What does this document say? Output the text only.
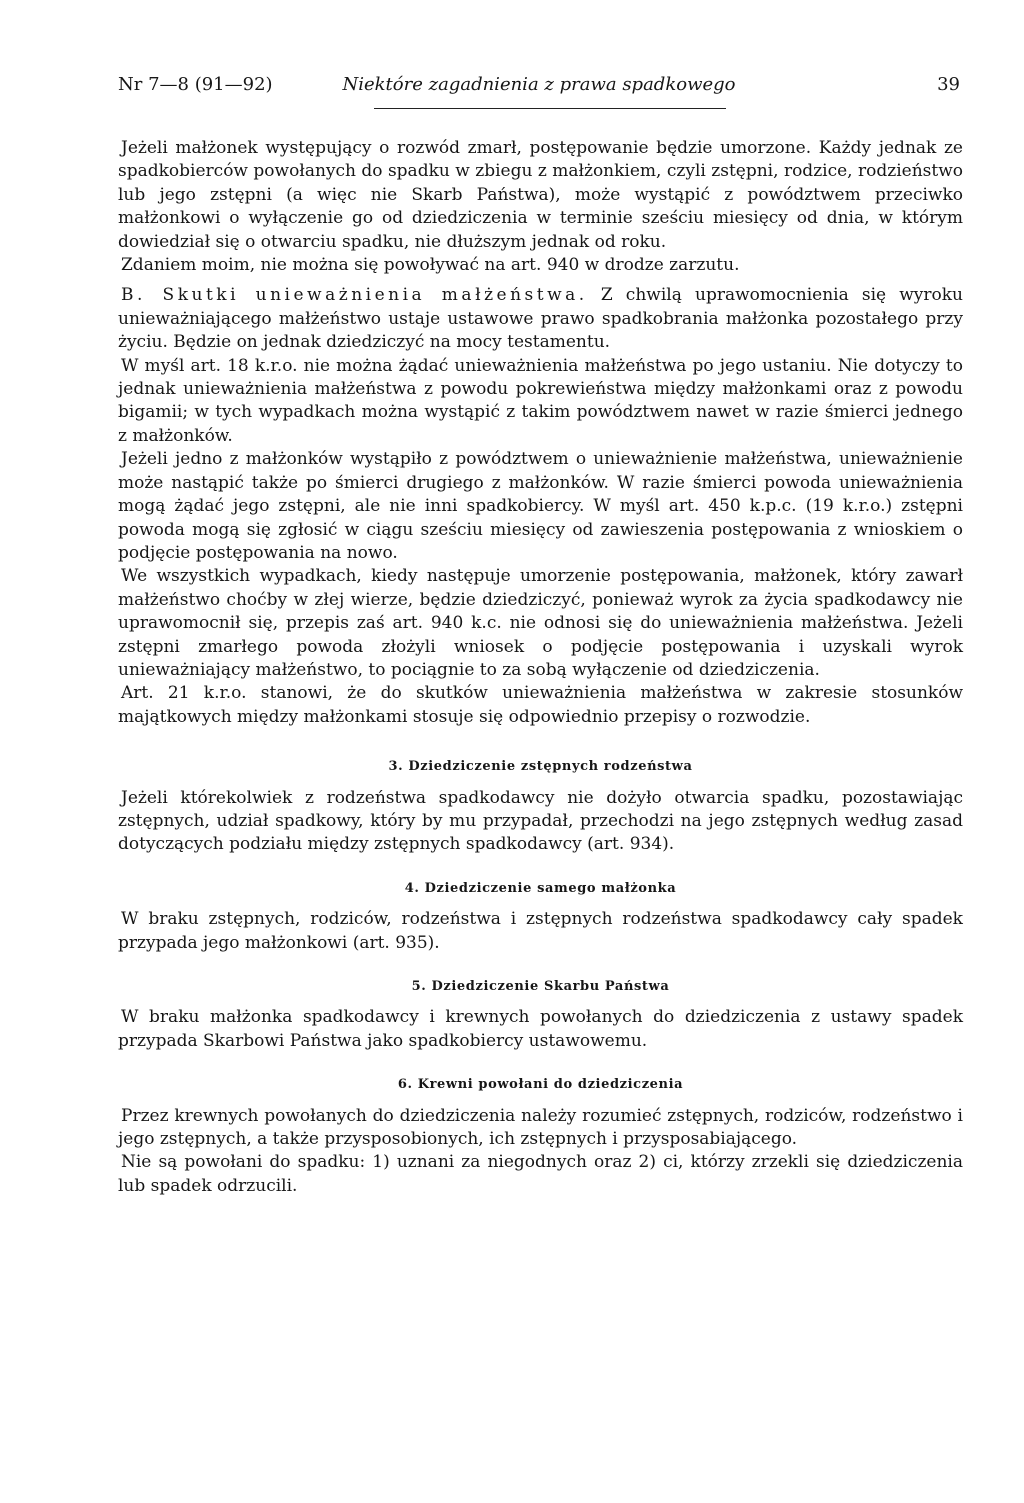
Nr 7—8 (91—92)	Niektóre zagadnienia z prawa spadkowego	39

Jeżeli małżonek występujący o rozwód zmarł, postępowanie będzie umorzone. Każdy jednak ze spadkobierców powołanych do spadku w zbiegu z małżonkiem, czyli zstępni, rodzice, rodzieństwo lub jego zstępni (a więc nie Skarb Państwa), może wystąpić z powództwem przeciwko małżonkowi o wyłączenie go od dziedziczenia w terminie sześciu miesięcy od dnia, w którym dowiedział się o otwarciu spadku, nie dłuższym jednak od roku.

Zdaniem moim, nie można się powoływać na art. 940 w drodze zarzutu.

B. Skutki unieważnienia małżeństwa. Z chwilą uprawomocnienia się wyroku unieważniającego małżeństwo ustaje ustawowe prawo spadkobrania małżonka pozostałego przy życiu. Będzie on jednak dziedziczyć na mocy testamentu.

W myśl art. 18 k.r.o. nie można żądać unieważnienia małżeństwa po jego ustaniu. Nie dotyczy to jednak unieważnienia małżeństwa z powodu pokrewieństwa między małżonkami oraz z powodu bigamii; w tych wypadkach można wystąpić z takim powództwem nawet w razie śmierci jednego z małżonków.

Jeżeli jedno z małżonków wystąpiło z powództwem o unieważnienie małżeństwa, unieważnienie może nastąpić także po śmierci drugiego z małżonków. W razie śmierci powoda unieważnienia mogą żądać jego zstępni, ale nie inni spadkobiercy. W myśl art. 450 k.p.c. (19 k.r.o.) zstępni powoda mogą się zgłosić w ciągu sześciu miesięcy od zawieszenia postępowania z wnioskiem o podjęcie postępowania na nowo.

We wszystkich wypadkach, kiedy następuje umorzenie postępowania, małżonek, który zawarł małżeństwo choćby w złej wierze, będzie dziedziczyć, ponieważ wyrok za życia spadkodawcy nie uprawomocnił się, przepis zaś art. 940 k.c. nie odnosi się do unieważnienia małżeństwa. Jeżeli zstępni zmarłego powoda złożyli wniosek o podjęcie postępowania i uzyskali wyrok unieważniający małżeństwo, to pociągnie to za sobą wyłączenie od dziedziczenia.

Art. 21 k.r.o. stanowi, że do skutków unieważnienia małżeństwa w zakresie stosunków majątkowych między małżonkami stosuje się odpowiednio przepisy o rozwodzie.

3. Dziedziczenie zstępnych rodzeństwa

Jeżeli którekolwiek z rodzeństwa spadkodawcy nie dożyło otwarcia spadku, pozostawiając zstępnych, udział spadkowy, który by mu przypadał, przechodzi na jego zstępnych według zasad dotyczących podziału między zstępnych spadkodawcy (art. 934).

4. Dziedziczenie samego małżonka

W braku zstępnych, rodziców, rodzeństwa i zstępnych rodzeństwa spadkodawcy cały spadek przypada jego małżonkowi (art. 935).

5. Dziedziczenie Skarbu Państwa

W braku małżonka spadkodawcy i krewnych powołanych do dziedziczenia z ustawy spadek przypada Skarbowi Państwa jako spadkobiercy ustawowemu.

6. Krewni powołani do dziedziczenia

Przez krewnych powołanych do dziedziczenia należy rozumieć zstępnych, rodziców, rodzeństwo i jego zstępnych, a także przysposobionych, ich zstępnych i przysposabiającego.

Nie są powołani do spadku: 1) uznani za niegodnych oraz 2) ci, którzy zrzekli się dziedziczenia lub spadek odrzucili.
